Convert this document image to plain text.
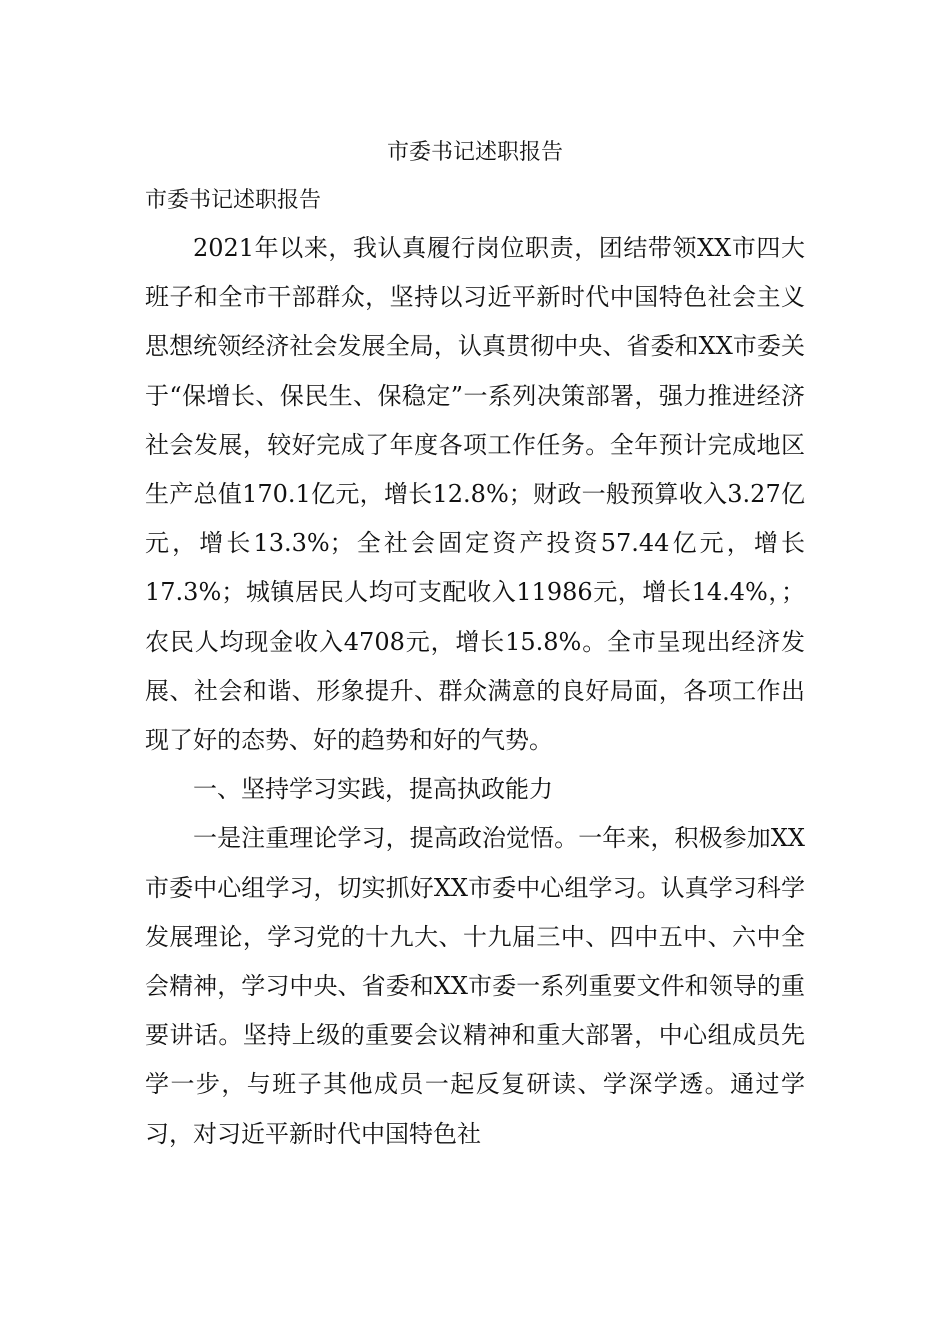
市委书记述职报告

市委书记述职报告

2021年以来，我认真履行岗位职责，团结带领XX市四大班子和全市干部群众，坚持以习近平新时代中国特色社会主义思想统领经济社会发展全局，认真贯彻中央、省委和XX市委关于“保增长、保民生、保稳定”一系列决策部署，强力推进经济社会发展，较好完成了年度各项工作任务。全年预计完成地区生产总值170.1亿元，增长12.8%；财政一般预算收入3.27亿元，增长13.3%；全社会固定资产投资57.44亿元，增长17.3%；城镇居民人均可支配收入11986元，增长14.4%，；农民人均现金收入4708元，增长15.8%。全市呈现出经济发展、社会和谐、形象提升、群众满意的良好局面，各项工作出现了好的态势、好的趋势和好的气势。

一、坚持学习实践，提高执政能力

一是注重理论学习，提高政治觉悟。一年来，积极参加XX市委中心组学习，切实抓好XX市委中心组学习。认真学习科学发展理论，学习党的十九大、十九届三中、四中五中、六中全会精神，学习中央、省委和XX市委一系列重要文件和领导的重要讲话。坚持上级的重要会议精神和重大部署，中心组成员先学一步，与班子其他成员一起反复研读、学深学透。通过学习，对习近平新时代中国特色社
